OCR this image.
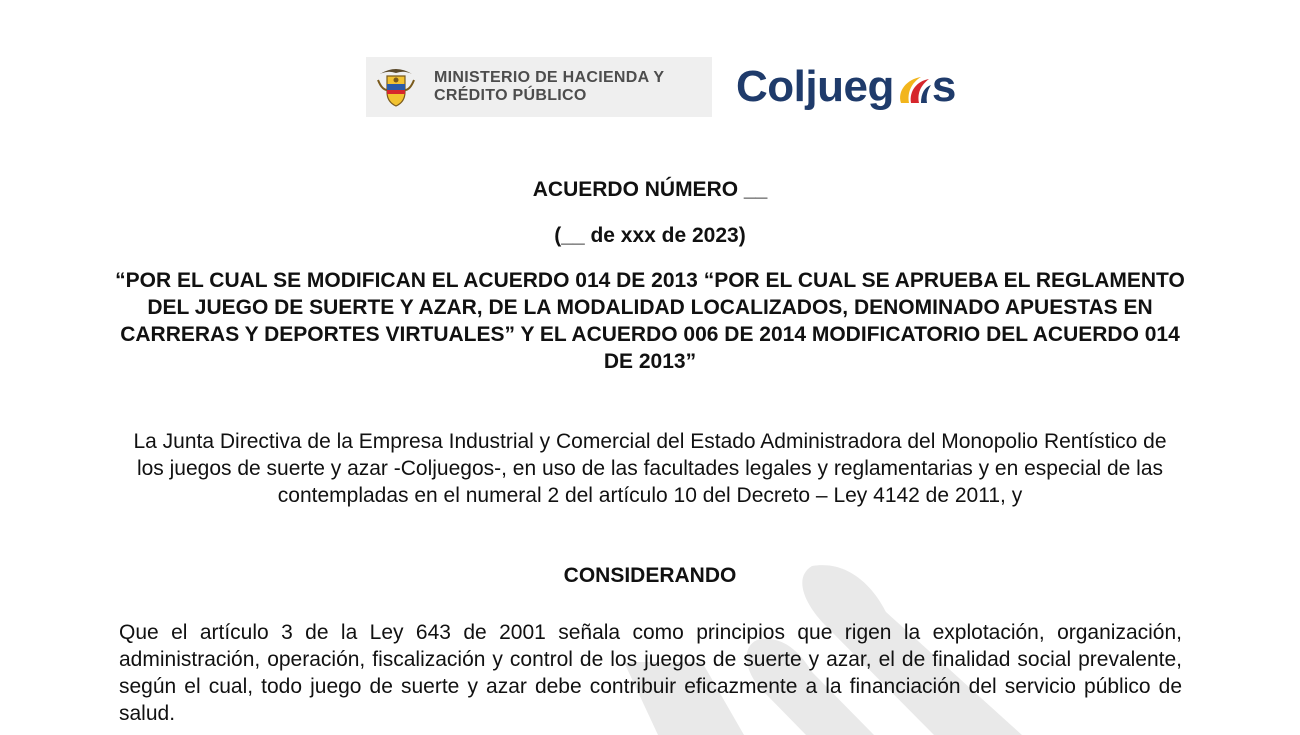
MINISTERIO DE HACIENDA Y
CRÉDITO PÚBLICO	Coljueg s
ACUERDO NÚMERO __
(__ de xxx de 2023)
“POR EL CUAL SE MODIFICAN EL ACUERDO 014 DE 2013 “POR EL CUAL SE APRUEBA EL REGLAMENTO DEL JUEGO DE SUERTE Y AZAR, DE LA MODALIDAD LOCALIZADOS, DENOMINADO APUESTAS EN CARRERAS Y DEPORTES VIRTUALES” Y EL ACUERDO 006 DE 2014 MODIFICATORIO DEL ACUERDO 014 DE 2013”
La Junta Directiva de la Empresa Industrial y Comercial del Estado Administradora del Monopolio Rentístico de los juegos de suerte y azar -Coljuegos-, en uso de las facultades legales y reglamentarias y en especial de las contempladas en el numeral 2 del artículo 10 del Decreto – Ley 4142 de 2011, y
CONSIDERANDO
Que el artículo 3 de la Ley 643 de 2001 señala como principios que rigen la explotación, organización, administración, operación, fiscalización y control de los juegos de suerte y azar, el de finalidad social prevalente, según el cual, todo juego de suerte y azar debe contribuir eficazmente a la financiación del servicio público de salud.
